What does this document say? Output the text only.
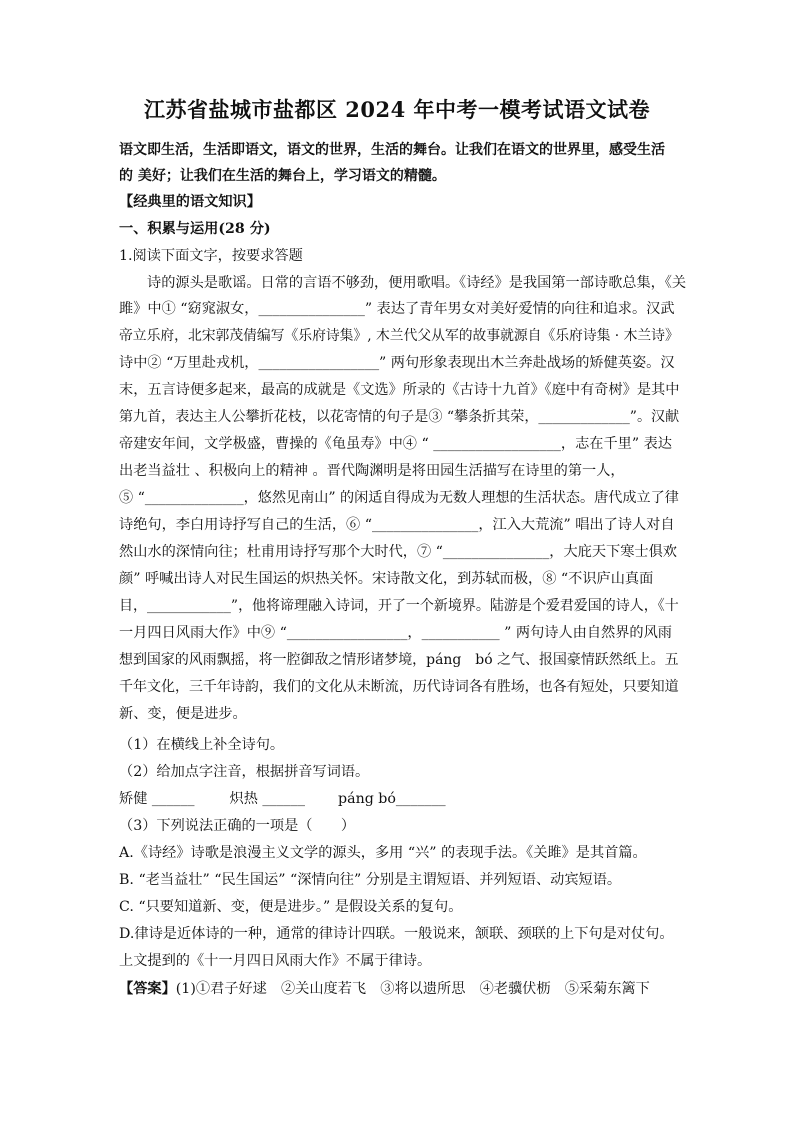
江苏省盐城市盐都区 2024 年中考一模考试语文试卷
语文即生活，生活即语文，语文的世界，生活的舞台。让我们在语文的世界里，感受生活
的 美好；让我们在生活的舞台上，学习语文的精髓。
【经典里的语文知识】
一、积累与运用(28 分)
1.阅读下面文字，按要求答题
诗的源头是歌谣。日常的言语不够劲，便用歌唱。《诗经》是我国第一部诗歌总集，《关
雎》中① “窈窕淑女，_______________” 表达了青年男女对美好爱情的向往和追求。汉武
帝立乐府，北宋郭茂倩编写《乐府诗集》, 木兰代父从军的故事就源自《乐府诗集 · 木兰诗》
诗中② “万里赴戎机，_________________” 两句形象表现出木兰奔赴战场的矫健英姿。汉
末，五言诗便多起来，最高的成就是《文选》所录的《古诗十九首》《庭中有奇树》是其中
第九首，表达主人公攀折花枝，以花寄情的句子是③ “攀条折其荣，_____________”。汉献
帝建安年间，文学极盛，曹操的《龟虽寿》中④ “ __________________，志在千里” 表达
出老当益壮 、积极向上的精神 。晋代陶渊明是将田园生活描写在诗里的第一人，
⑤ “______________，悠然见南山” 的闲适自得成为无数人理想的生活状态。唐代成立了律
诗绝句，李白用诗抒写自己的生活，⑥ “_______________，江入大荒流” 唱出了诗人对自
然山水的深情向往；杜甫用诗抒写那个大时代，⑦ “_______________，大庇天下寒士俱欢
颜” 呼喊出诗人对民生国运的炽热关怀。宋诗散文化，到苏轼而极，⑧ “不识庐山真面
目，____________”，他将谛理融入诗词，开了一个新境界。陆游是个爱君爱国的诗人，《十
一月四日风雨大作》中⑨ “_________________，___________ ” 两句诗人由自然界的风雨
想到国家的风雨飘摇，将一腔御敌之情形诸梦境，páng　bó 之气、报国豪情跃然纸上。五
千年文化，三千年诗韵，我们的文化从未断流，历代诗词各有胜场，也各有短处，只要知道
新、变，便是进步。
（1）在横线上补全诗句。
（2）给加点字注音，根据拼音写词语。
矫健 ______ 炽热 ______ páng bó_______
（3）下列说法正确的一项是（　　）
A.《诗经》诗歌是浪漫主义文学的源头，多用 “兴” 的表现手法。《关雎》是其首篇。
B. “老当益壮” “民生国运” “深情向往” 分别是主谓短语、并列短语、动宾短语。
C. “只要知道新、变，便是进步。” 是假设关系的复句。
D.律诗是近体诗的一种，通常的律诗计四联。一般说来，颔联、颈联的上下句是对仗句。
上文提到的《十一月四日风雨大作》不属于律诗。
【答案】(1)①君子好逑　②关山度若飞　③将以遗所思　④老骥伏枥　⑤采菊东篱下
